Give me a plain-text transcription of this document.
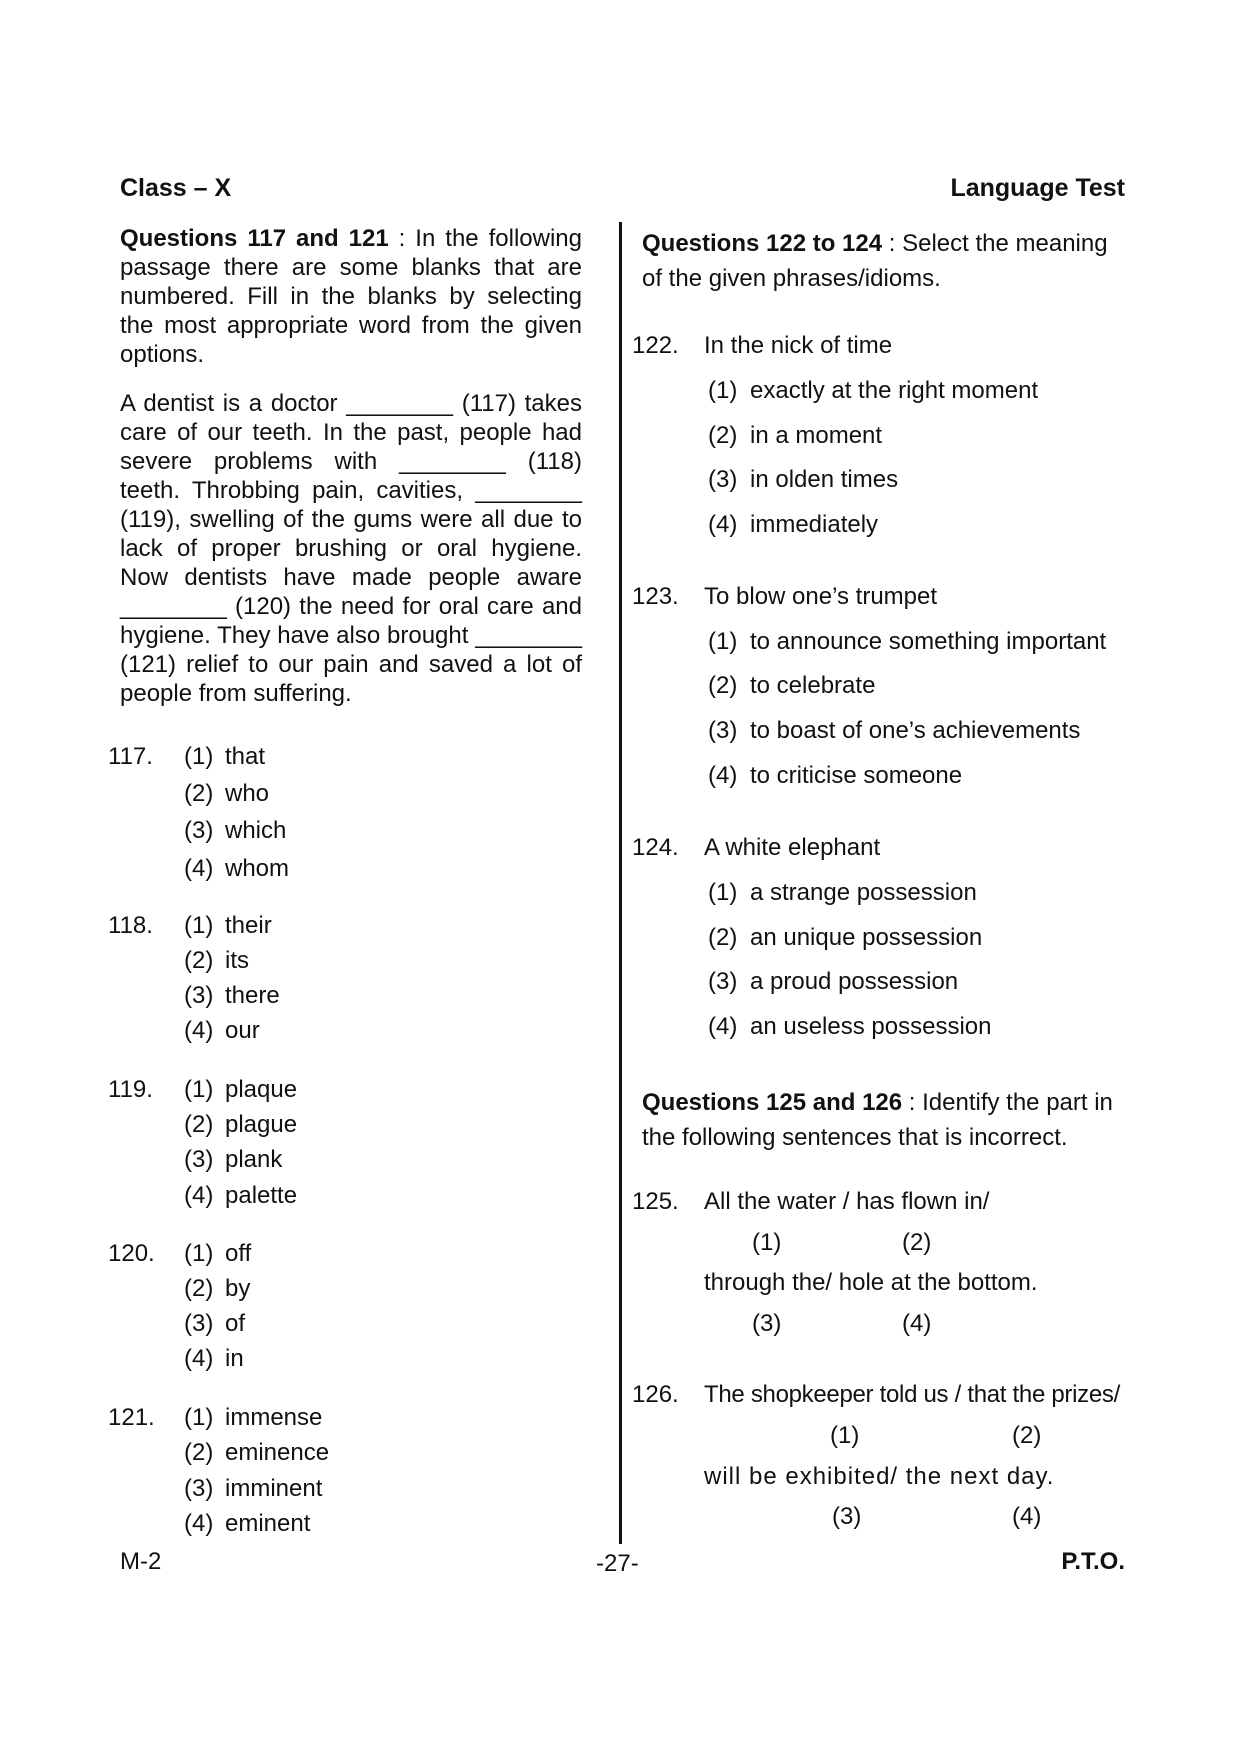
Class – X	Language Test

Questions 117 and 121 : In the following passage there are some blanks that are numbered. Fill in the blanks by selecting the most appropriate word from the given options.

A dentist is a doctor ________ (117) takes care of our teeth. In the past, people had severe problems with ________ (118) teeth. Throbbing pain, cavities, ________ (119), swelling of the gums were all due to lack of proper brushing or oral hygiene. Now dentists have made people aware ________ (120) the need for oral care and hygiene. They have also brought ________ (121) relief to our pain and saved a lot of people from suffering.

117. (1) that
(2) who
(3) which
(4) whom
118. (1) their
(2) its
(3) there
(4) our
119. (1) plaque
(2) plague
(3) plank
(4) palette
120. (1) off
(2) by
(3) of
(4) in
121. (1) immense
(2) eminence
(3) imminent
(4) eminent
Questions 122 to 124 : Select the meaning of the given phrases/idioms.
122. In the nick of time
(1) exactly at the right moment
(2) in a moment
(3) in olden times
(4) immediately
123. To blow one’s trumpet
(1) to announce something important
(2) to celebrate
(3) to boast of one’s achievements
(4) to criticise someone
124. A white elephant
(1) a strange possession
(2) an unique possession
(3) a proud possession
(4) an useless possession
Questions 125 and 126 : Identify the part in the following sentences that is incorrect.
125. All the water / has flown in/
(1)	(2)
through the/ hole at the bottom.
(3)	(4)
126. The shopkeeper told us / that the prizes/
(1)	(2)
will be exhibited/ the next day.
(3)	(4)
M-2	-27-	P.T.O.
